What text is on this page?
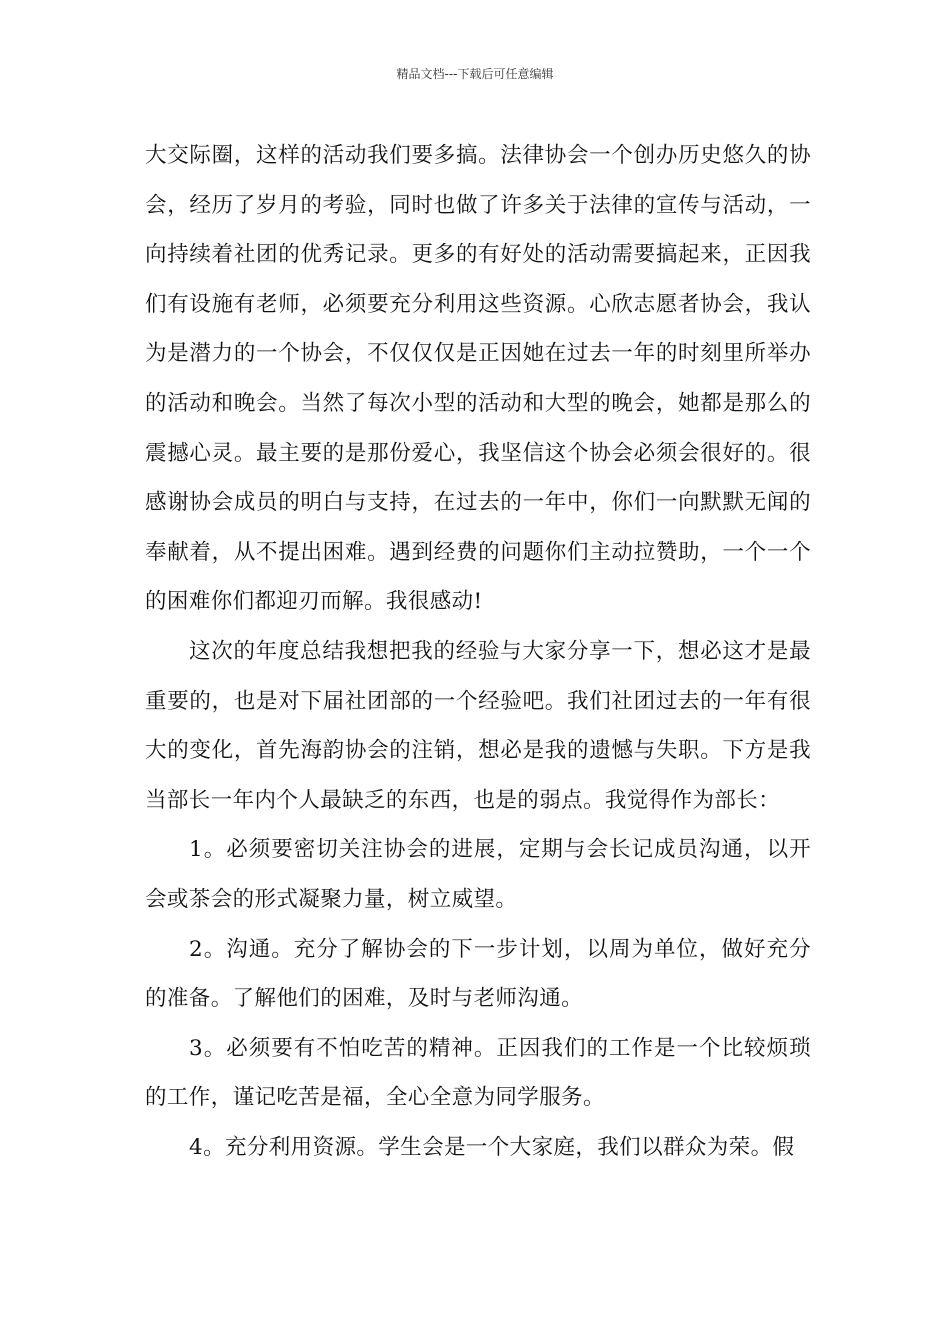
精品文档---下载后可任意编辑

大交际圈，这样的活动我们要多搞。法律协会一个创办历史悠久的协会，经历了岁月的考验，同时也做了许多关于法律的宣传与活动，一向持续着社团的优秀记录。更多的有好处的活动需要搞起来，正因我们有设施有老师，必须要充分利用这些资源。心欣志愿者协会，我认为是潜力的一个协会，不仅仅仅是正因她在过去一年的时刻里所举办的活动和晚会。当然了每次小型的活动和大型的晚会，她都是那么的震撼心灵。最主要的是那份爱心，我坚信这个协会必须会很好的。很感谢协会成员的明白与支持，在过去的一年中，你们一向默默无闻的奉献着，从不提出困难。遇到经费的问题你们主动拉赞助，一个一个的困难你们都迎刃而解。我很感动!

这次的年度总结我想把我的经验与大家分享一下，想必这才是最重要的，也是对下届社团部的一个经验吧。我们社团过去的一年有很大的变化，首先海韵协会的注销，想必是我的遗憾与失职。下方是我当部长一年内个人最缺乏的东西，也是的弱点。我觉得作为部长：

1。必须要密切关注协会的进展，定期与会长记成员沟通，以开会或茶会的形式凝聚力量，树立威望。

2。沟通。充分了解协会的下一步计划，以周为单位，做好充分的准备。了解他们的困难，及时与老师沟通。

3。必须要有不怕吃苦的精神。正因我们的工作是一个比较烦琐的工作，谨记吃苦是福，全心全意为同学服务。

4。充分利用资源。学生会是一个大家庭，我们以群众为荣。假
